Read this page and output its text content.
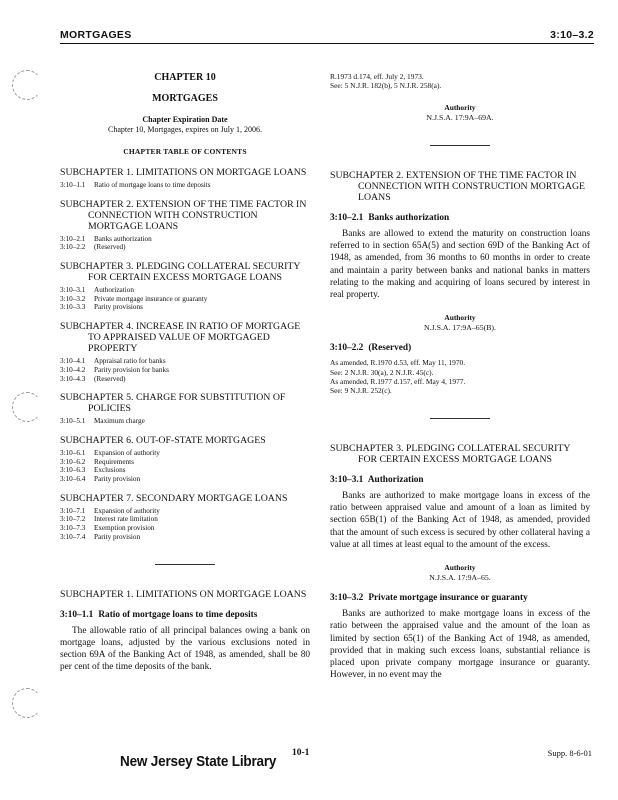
MORTGAGES	3:10–3.2
CHAPTER 10
MORTGAGES
Chapter Expiration Date
Chapter 10, Mortgages, expires on July 1, 2006.
CHAPTER TABLE OF CONTENTS
SUBCHAPTER 1. LIMITATIONS ON MORTGAGE LOANS
3:10–1.1	Ratio of mortgage loans to time deposits
SUBCHAPTER 2. EXTENSION OF THE TIME FACTOR IN CONNECTION WITH CONSTRUCTION MORTGAGE LOANS
3:10–2.1	Banks authorization
3:10–2.2	(Reserved)
SUBCHAPTER 3. PLEDGING COLLATERAL SECURITY FOR CERTAIN EXCESS MORTGAGE LOANS
3:10–3.1	Authorization
3:10–3.2	Private mortgage insurance or guaranty
3:10–3.3	Parity provisions
SUBCHAPTER 4. INCREASE IN RATIO OF MORTGAGE TO APPRAISED VALUE OF MORTGAGED PROPERTY
3:10–4.1	Appraisal ratio for banks
3:10–4.2	Parity provision for banks
3:10–4.3	(Reserved)
SUBCHAPTER 5. CHARGE FOR SUBSTITUTION OF POLICIES
3:10–5.1	Maximum charge
SUBCHAPTER 6. OUT-OF-STATE MORTGAGES
3:10–6.1	Expansion of authority
3:10–6.2	Requirements
3:10–6.3	Exclusions
3:10–6.4	Parity provision
SUBCHAPTER 7. SECONDARY MORTGAGE LOANS
3:10–7.1	Expansion of authority
3:10–7.2	Interest rate limitation
3:10–7.3	Exemption provision
3:10–7.4	Parity provision
SUBCHAPTER 1. LIMITATIONS ON MORTGAGE LOANS
3:10–1.1 Ratio of mortgage loans to time deposits

The allowable ratio of all principal balances owing a bank on mortgage loans, adjusted by the various exclusions noted in section 69A of the Banking Act of 1948, as amended, shall be 80 per cent of the time deposits of the bank.

R.1973 d.174, eff. July 2, 1973.
See: 5 N.J.R. 182(b), 5 N.J.R. 258(a).
Authority
N.J.S.A. 17:9A–69A.
SUBCHAPTER 2. EXTENSION OF THE TIME FACTOR IN CONNECTION WITH CONSTRUCTION MORTGAGE LOANS
3:10–2.1 Banks authorization

Banks are allowed to extend the maturity on construction loans referred to in section 65A(5) and section 69D of the Banking Act of 1948, as amended, from 36 months to 60 months in order to create and maintain a parity between banks and national banks in matters relating to the making and acquiring of loans secured by interest in real property.

Authority
N.J.S.A. 17:9A–65(B).
3:10–2.2 (Reserved)
As amended, R.1970 d.53, eff. May 11, 1970.
See: 2 N.J.R. 30(a), 2 N.J.R. 45(c).
As amended, R.1977 d.157, eff. May 4, 1977.
See: 9 N.J.R. 252(c).
SUBCHAPTER 3. PLEDGING COLLATERAL SECURITY FOR CERTAIN EXCESS MORTGAGE LOANS
3:10–3.1 Authorization

Banks are authorized to make mortgage loans in excess of the ratio between appraised value and amount of a loan as limited by section 65B(1) of the Banking Act of 1948, as amended, provided that the amount of such excess is secured by other collateral having a value at all times at least equal to the amount of the excess.

Authority
N.J.S.A. 17:9A–65.
3:10–3.2 Private mortgage insurance or guaranty

Banks are authorized to make mortgage loans in excess of the ratio between the appraised value and the amount of the loan as limited by section 65(1) of the Banking Act of 1948, as amended, provided that in making such excess loans, substantial reliance is placed upon private company mortgage insurance or guaranty. However, in no event may the

10-1	Supp. 8-6-01
New Jersey State Library
